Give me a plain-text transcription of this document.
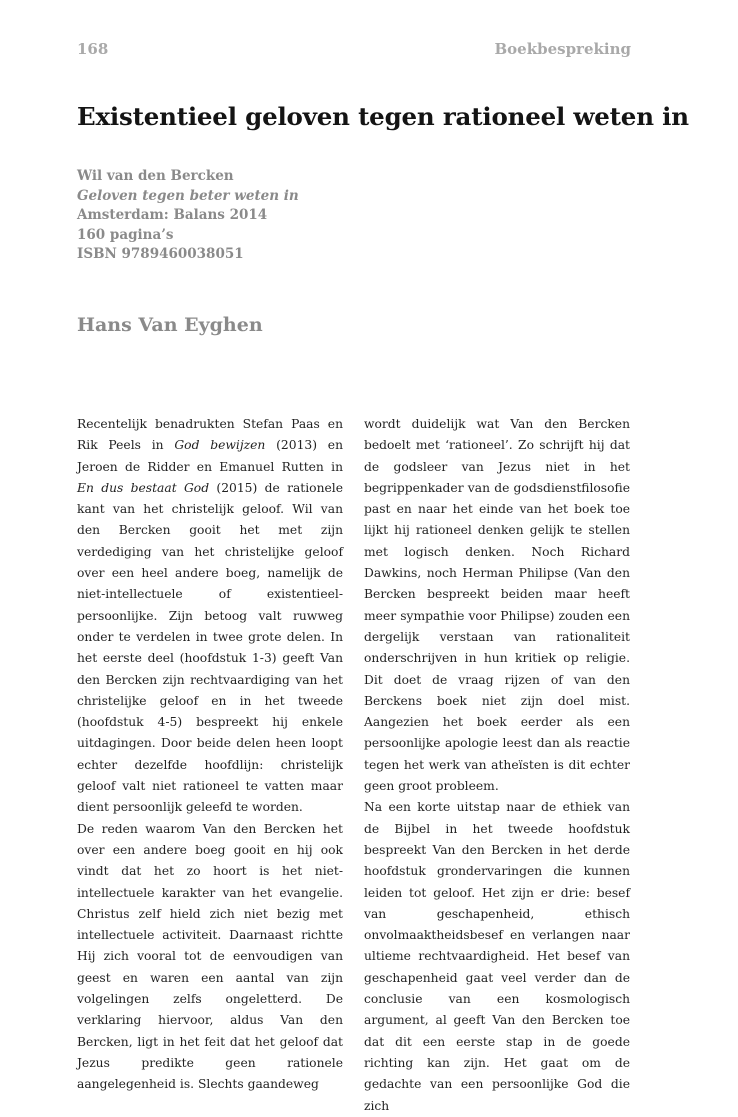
168	Boekbespreking
Existentieel geloven tegen rationeel weten in
Wil van den Bercken
Geloven tegen beter weten in
Amsterdam: Balans 2014
160 pagina’s
ISBN 9789460038051
Hans Van Eyghen

Recentelijk benadrukten Stefan Paas en Rik Peels in God bewijzen (2013) en Jeroen de Ridder en Emanuel Rutten in En dus bestaat God (2015) de rationele kant van het christelijk geloof. Wil van den Bercken gooit het met zijn verdediging van het christelijke geloof over een heel andere boeg, namelijk de niet-intellectuele of existentieel-persoonlijke. Zijn betoog valt ruwweg onder te verdelen in twee grote delen. In het eerste deel (hoofdstuk 1-3) geeft Van den Bercken zijn rechtvaardiging van het christelijke geloof en in het tweede (hoofdstuk 4-5) bespreekt hij enkele uitdagingen. Door beide delen heen loopt echter dezelfde hoofdlijn: christelijk geloof valt niet rationeel te vatten maar dient persoonlijk geleefd te worden.

De reden waarom Van den Bercken het over een andere boeg gooit en hij ook vindt dat het zo hoort is het niet-intellectuele karakter van het evangelie. Christus zelf hield zich niet bezig met intellectuele activiteit. Daarnaast richtte Hij zich vooral tot de eenvoudigen van geest en waren een aantal van zijn volgelingen zelfs ongeletterd. De verklaring hiervoor, aldus Van den Bercken, ligt in het feit dat het geloof dat Jezus predikte geen rationele aangelegenheid is. Slechts gaandeweg

wordt duidelijk wat Van den Bercken bedoelt met ‘rationeel’. Zo schrijft hij dat de godsleer van Jezus niet in het begrippenkader van de godsdienstfilosofie past en naar het einde van het boek toe lijkt hij rationeel denken gelijk te stellen met logisch denken. Noch Richard Dawkins, noch Herman Philipse (Van den Bercken bespreekt beiden maar heeft meer sympathie voor Philipse) zouden een dergelijk verstaan van rationaliteit onderschrijven in hun kritiek op religie. Dit doet de vraag rijzen of van den Berckens boek niet zijn doel mist. Aangezien het boek eerder als een persoonlijke apologie leest dan als reactie tegen het werk van atheïsten is dit echter geen groot probleem.

Na een korte uitstap naar de ethiek van de Bijbel in het tweede hoofdstuk bespreekt Van den Bercken in het derde hoofdstuk grondervaringen die kunnen leiden tot geloof. Het zijn er drie: besef van geschapenheid, ethisch onvolmaaktheidsbesef en verlangen naar ultieme rechtvaardigheid. Het besef van geschapenheid gaat veel verder dan de conclusie van een kosmologisch argument, al geeft Van den Bercken toe dat dit een eerste stap in de goede richting kan zijn. Het gaat om de gedachte van een persoonlijke God die zich
